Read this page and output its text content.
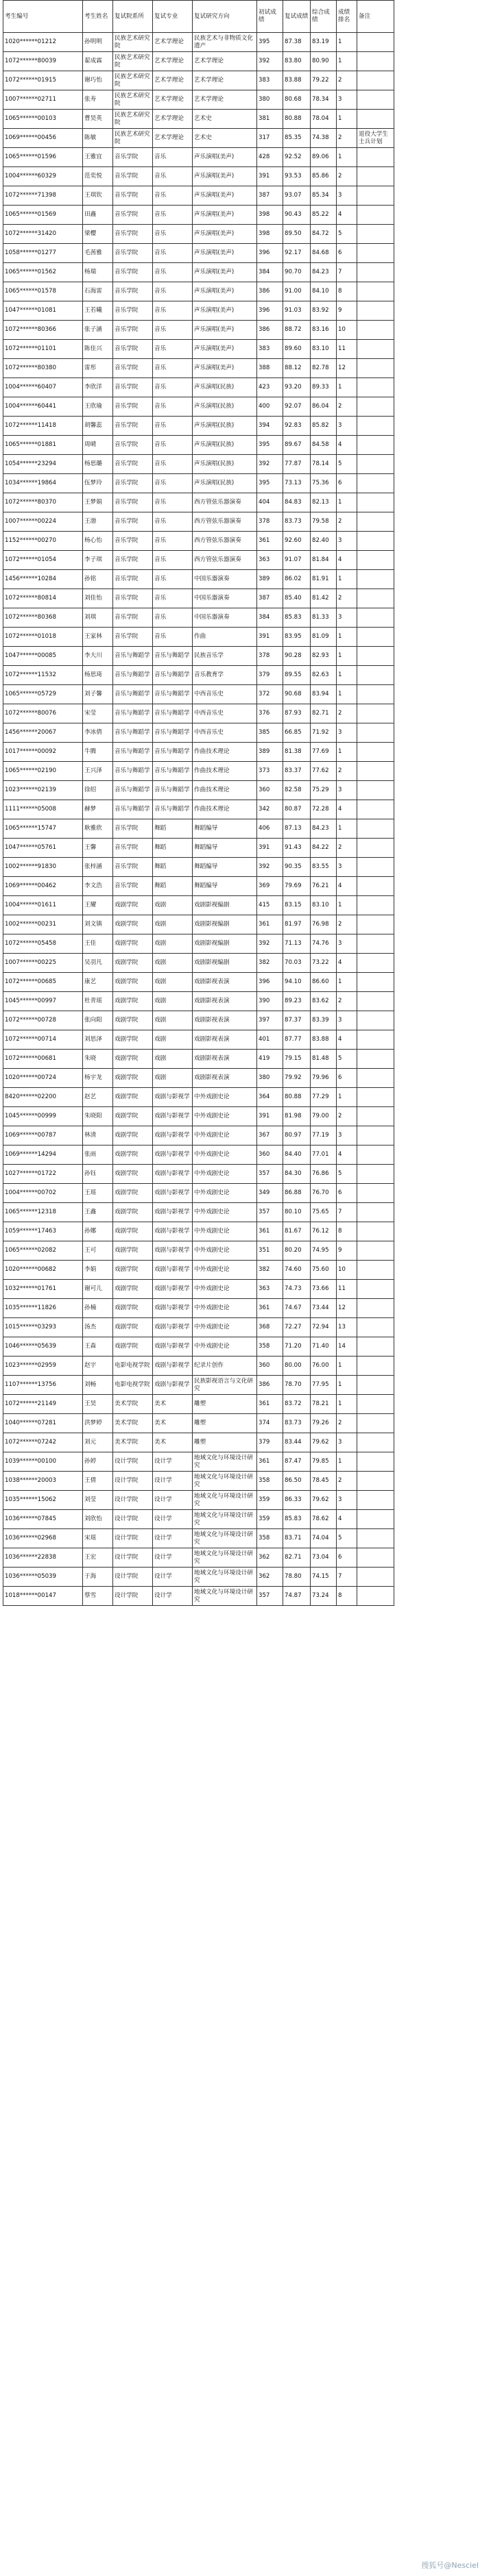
考生编号	考生姓名	复试院系所	复试专业	复试研究方向	初试成绩	复试成绩	综合成绩	成绩排名	备注
1020******01212	孙明明	民族艺术研究院	艺术学理论	民族艺术与非物质文化遗产	395	87.38	83.19	1	
1072******80039	翟成霖	民族艺术研究院	艺术学理论	艺术学理论	392	83.80	80.90	1	
1072******01915	谢巧怡	民族艺术研究院	艺术学理论	艺术学理论	383	83.88	79.22	2	
1007******02711	张寿	民族艺术研究院	艺术学理论	艺术学理论	380	80.68	78.34	3	
1065******00103	曹昊英	民族艺术研究院	艺术学理论	艺术史	381	80.88	78.04	1	
1069******00456	陈敏	民族艺术研究院	艺术学理论	艺术史	317	85.35	74.38	2	退役大学生士兵计划
1065******01596	王雅宜	音乐学院	音乐	声乐演唱(美声)	428	92.52	89.06	1	
1004******60329	范奕悦	音乐学院	音乐	声乐演唱(美声)	391	93.53	85.86	2	
1072******71398	王琪钦	音乐学院	音乐	声乐演唱(美声)	387	93.07	85.34	3	
1065******01569	田鑫	音乐学院	音乐	声乐演唱(美声)	398	90.43	85.22	4	
1072******31420	梁樱	音乐学院	音乐	声乐演唱(美声)	398	89.50	84.72	5	
1058******01277	毛茜雅	音乐学院	音乐	声乐演唱(美声)	396	92.17	84.68	6	
1065******01562	杨瑞	音乐学院	音乐	声乐演唱(美声)	384	90.70	84.23	7	
1065******01578	石海雷	音乐学院	音乐	声乐演唱(美声)	386	91.00	84.10	8	
1047******01081	王若曦	音乐学院	音乐	声乐演唱(美声)	396	91.03	83.92	9	
1072******80366	张子涵	音乐学院	音乐	声乐演唱(美声)	386	88.72	83.16	10	
1072******01101	陈佳兴	音乐学院	音乐	声乐演唱(美声)	383	89.60	83.10	11	
1072******80380	雷彤	音乐学院	音乐	声乐演唱(美声)	388	88.12	82.78	12	
1004******60407	李欣洋	音乐学院	音乐	声乐演唱(民族)	423	93.20	89.33	1	
1004******60441	王欣瑜	音乐学院	音乐	声乐演唱(民族)	400	92.07	86.04	2	
1072******11418	胡馨蕊	音乐学院	音乐	声乐演唱(民族)	394	92.83	85.82	3	
1065******01881	周晴	音乐学院	音乐	声乐演唱(民族)	395	89.67	84.58	4	
1054******23294	杨思璐	音乐学院	音乐	声乐演唱(民族)	392	77.87	78.14	5	
1034******19864	伍梦玲	音乐学院	音乐	声乐演唱(民族)	395	73.13	75.36	6	
1072******80370	王梦娟	音乐学院	音乐	西方管弦乐器演奏	404	84.83	82.13	1	
1007******00224	王渤	音乐学院	音乐	西方管弦乐器演奏	378	83.73	79.58	2	
1152******00270	杨心怡	音乐学院	音乐	西方管弦乐器演奏	361	92.60	82.40	3	
1072******01054	李子琪	音乐学院	音乐	西方管弦乐器演奏	363	91.07	81.84	4	
1456******10284	孙铭	音乐学院	音乐	中国乐器演奏	389	86.02	81.91	1	
1072******80814	刘佳怡	音乐学院	音乐	中国乐器演奏	387	85.40	81.42	2	
1072******80368	刘琪	音乐学院	音乐	中国乐器演奏	384	85.83	81.33	3	
1072******01018	王家林	音乐学院	音乐	作曲	391	83.95	81.09	1	
1047******00085	李大川	音乐与舞蹈学	音乐与舞蹈学	民族音乐学	378	90.28	82.93	1	
1072******11532	杨思琦	音乐与舞蹈学	音乐与舞蹈学	音乐教育学	379	89.55	82.63	1	
1065******05729	刘子馨	音乐与舞蹈学	音乐与舞蹈学	中西音乐史	372	90.68	83.94	1	
1072******80076	宋莹	音乐与舞蹈学	音乐与舞蹈学	中西音乐史	376	87.93	82.71	2	
1456******20067	李冰倩	音乐与舞蹈学	音乐与舞蹈学	中西音乐史	385	66.85	71.92	3	
1017******00092	牛腾	音乐与舞蹈学	音乐与舞蹈学	作曲技术理论	389	81.38	77.69	1	
1065******02190	王兴泽	音乐与舞蹈学	音乐与舞蹈学	作曲技术理论	373	83.37	77.62	2	
1023******02139	徐绍	音乐与舞蹈学	音乐与舞蹈学	作曲技术理论	360	82.58	75.29	3	
1111******05008	赫梦	音乐与舞蹈学	音乐与舞蹈学	作曲技术理论	342	80.87	72.28	4	
1065******15747	耿雅欣	音乐学院	舞蹈	舞蹈编导	406	87.13	84.23	1	
1047******05761	王馨	音乐学院	舞蹈	舞蹈编导	391	91.43	84.22	2	
1002******91830	张梓涵	音乐学院	舞蹈	舞蹈编导	392	90.35	83.55	3	
1069******00462	李文浩	音乐学院	舞蹈	舞蹈编导	369	79.69	76.21	4	
1004******01611	王耀	戏剧学院	戏剧	戏剧影视编剧	415	83.15	83.10	1	
1002******00231	刘文镇	戏剧学院	戏剧	戏剧影视编剧	361	81.97	76.98	2	
1072******05458	王佳	戏剧学院	戏剧	戏剧影视编剧	392	71.13	74.76	3	
1007******00225	吴羽凡	戏剧学院	戏剧	戏剧影视编剧	382	70.03	73.22	4	
1072******00685	康艺	戏剧学院	戏剧	戏剧影视表演	396	94.10	86.60	1	
1045******00997	杜青瑶	戏剧学院	戏剧	戏剧影视表演	390	89.23	83.62	2	
1072******00728	张向阳	戏剧学院	戏剧	戏剧影视表演	397	87.37	83.39	3	
1072******00714	刘思泽	戏剧学院	戏剧	戏剧影视表演	401	87.77	83.88	4	
1072******00681	朱晓	戏剧学院	戏剧	戏剧影视表演	419	79.15	81.48	5	
1020******00724	杨宇龙	戏剧学院	戏剧	戏剧影视表演	380	79.92	79.96	6	
8420******02200	赵艺	戏剧学院	戏剧与影视学	中外戏剧史论	364	80.88	77.29	1	
1045******00999	朱晓阳	戏剧学院	戏剧与影视学	中外戏剧史论	391	81.98	79.00	2	
1069******00787	林清	戏剧学院	戏剧与影视学	中外戏剧史论	367	80.97	77.19	3	
1069******14294	张雨	戏剧学院	戏剧与影视学	中外戏剧史论	360	84.40	77.01	4	
1027******01722	孙钰	戏剧学院	戏剧与影视学	中外戏剧史论	357	84.30	76.86	5	
1004******00702	王瑶	戏剧学院	戏剧与影视学	中外戏剧史论	349	86.88	76.70	6	
1065******12318	王鑫	戏剧学院	戏剧与影视学	中外戏剧史论	357	80.10	75.65	7	
1059******17463	孙娜	戏剧学院	戏剧与影视学	中外戏剧史论	361	81.67	76.12	8	
1065******02082	王可	戏剧学院	戏剧与影视学	中外戏剧史论	351	80.20	74.95	9	
1020******00682	李娟	戏剧学院	戏剧与影视学	中外戏剧史论	382	74.60	75.60	10	
1032******01761	谢可儿	戏剧学院	戏剧与影视学	中外戏剧史论	363	74.73	73.66	11	
1035******11826	孙楠	戏剧学院	戏剧与影视学	中外戏剧史论	361	74.67	73.44	12	
1015******03293	汤杰	戏剧学院	戏剧与影视学	中外戏剧史论	368	72.27	72.94	13	
1046******05639	王森	戏剧学院	戏剧与影视学	中外戏剧史论	358	71.20	71.40	14	
1023******02959	赵宇	电影电视学院	戏剧与影视学	纪录片创作	360	80.00	76.00	1	
1107******13756	刘畅	电影电视学院	戏剧与影视学	民族影视语言与文化研究	386	78.70	77.95	1	
1072******21149	王昊	美术学院	美术	雕塑	361	83.72	78.21	1	
1040******07281	洪梦婷	美术学院	美术	雕塑	374	83.73	79.26	2	
1072******07242	刘元	美术学院	美术	雕塑	379	83.44	79.62	3	
1039******00100	孙婷	设计学院	设计学	地域文化与环境设计研究	361	87.47	79.85	1	
1038******20003	王倩	设计学院	设计学	地域文化与环境设计研究	358	86.50	78.45	2	
1035******15062	刘莹	设计学院	设计学	地域文化与环境设计研究	359	86.33	79.62	3	
1036******07845	刘欣怡	设计学院	设计学	地域文化与环境设计研究	359	85.83	78.62	4	
1036******02968	宋瑶	设计学院	设计学	地域文化与环境设计研究	358	83.71	74.04	5	
1036******22838	王宏	设计学院	设计学	地域文化与环境设计研究	362	82.71	73.04	6	
1036******05039	于海	设计学院	设计学	地域文化与环境设计研究	362	78.80	74.15	7	
1018******00147	蔡雪	设计学院	设计学	地域文化与环境设计研究	357	74.87	73.24	8	
搜狐号@Nesciel
